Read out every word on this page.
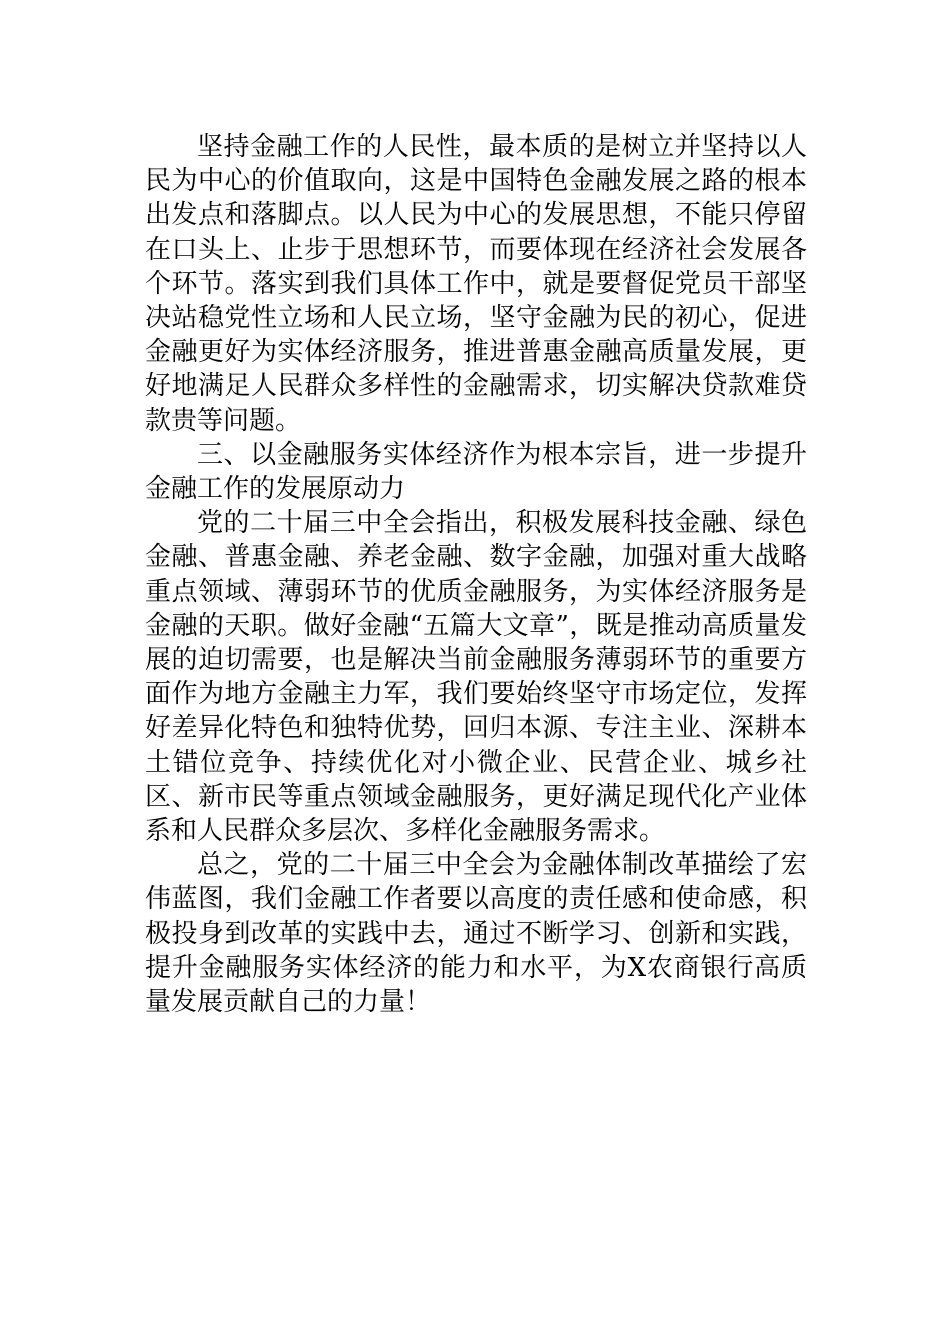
坚持金融工作的人民性，最本质的是树立并坚持以人民为中心的价值取向，这是中国特色金融发展之路的根本出发点和落脚点。以人民为中心的发展思想，不能只停留在口头上、止步于思想环节，而要体现在经济社会发展各个环节。落实到我们具体工作中，就是要督促党员干部坚决站稳党性立场和人民立场，坚守金融为民的初心，促进金融更好为实体经济服务，推进普惠金融高质量发展，更好地满足人民群众多样性的金融需求，切实解决贷款难贷款贵等问题。

三、以金融服务实体经济作为根本宗旨，进一步提升金融工作的发展原动力

党的二十届三中全会指出，积极发展科技金融、绿色金融、普惠金融、养老金融、数字金融，加强对重大战略重点领域、薄弱环节的优质金融服务，为实体经济服务是金融的天职。做好金融“五篇大文章”，既是推动高质量发展的迫切需要，也是解决当前金融服务薄弱环节的重要方面作为地方金融主力军，我们要始终坚守市场定位，发挥好差异化特色和独特优势，回归本源、专注主业、深耕本土错位竞争、持续优化对小微企业、民营企业、城乡社区、新市民等重点领域金融服务，更好满足现代化产业体系和人民群众多层次、多样化金融服务需求。

总之，党的二十届三中全会为金融体制改革描绘了宏伟蓝图，我们金融工作者要以高度的责任感和使命感，积极投身到改革的实践中去，通过不断学习、创新和实践，提升金融服务实体经济的能力和水平，为X农商银行高质量发展贡献自己的力量！
